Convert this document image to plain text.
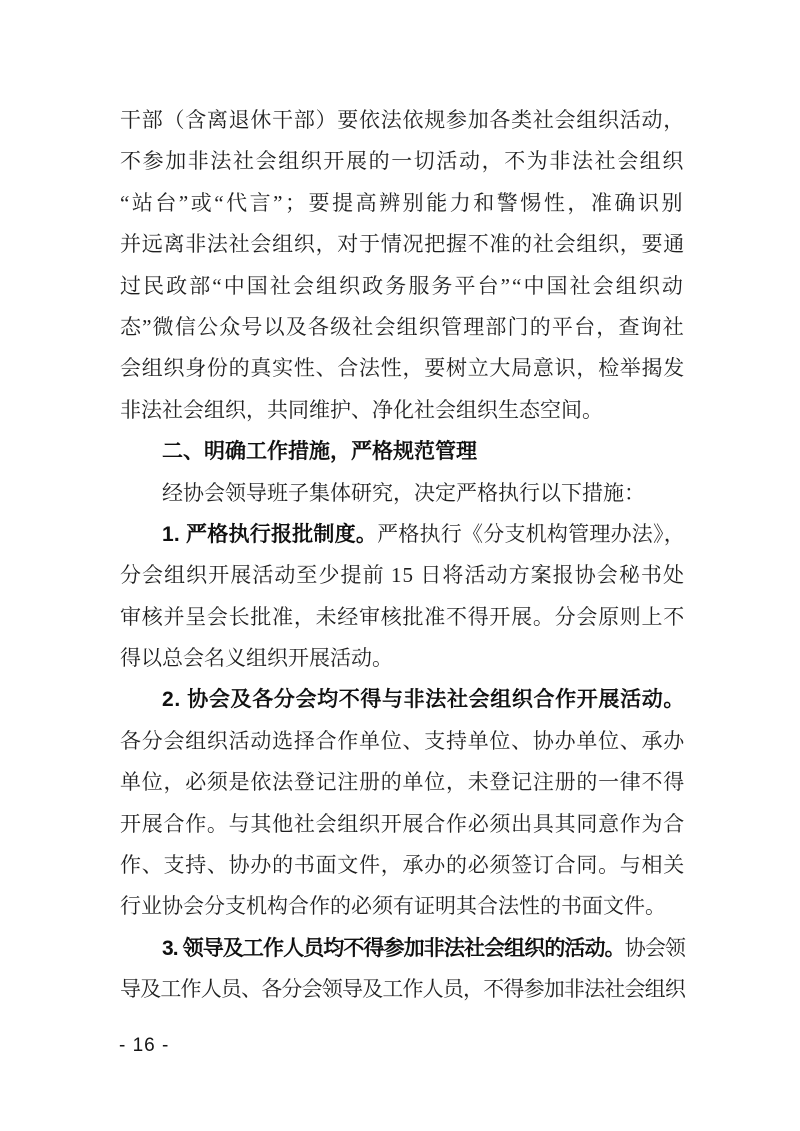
干部（含离退休干部）要依法依规参加各类社会组织活动，
不参加非法社会组织开展的一切活动，不为非法社会组织
“站台”或“代言”；要提高辨别能力和警惕性，准确识别
并远离非法社会组织，对于情况把握不准的社会组织，要通
过民政部“中国社会组织政务服务平台”“中国社会组织动
态”微信公众号以及各级社会组织管理部门的平台，查询社
会组织身份的真实性、合法性，要树立大局意识，检举揭发
非法社会组织，共同维护、净化社会组织生态空间。
二、明确工作措施，严格规范管理
经协会领导班子集体研究，决定严格执行以下措施：
1. 严格执行报批制度。严格执行《分支机构管理办法》，
分会组织开展活动至少提前 15 日将活动方案报协会秘书处
审核并呈会长批准，未经审核批准不得开展。分会原则上不
得以总会名义组织开展活动。
2. 协会及各分会均不得与非法社会组织合作开展活动。
各分会组织活动选择合作单位、支持单位、协办单位、承办
单位，必须是依法登记注册的单位，未登记注册的一律不得
开展合作。与其他社会组织开展合作必须出具其同意作为合
作、支持、协办的书面文件，承办的必须签订合同。与相关
行业协会分支机构合作的必须有证明其合法性的书面文件。
3. 领导及工作人员均不得参加非法社会组织的活动。协会领
导及工作人员、各分会领导及工作人员，不得参加非法社会组织
- 16 -
